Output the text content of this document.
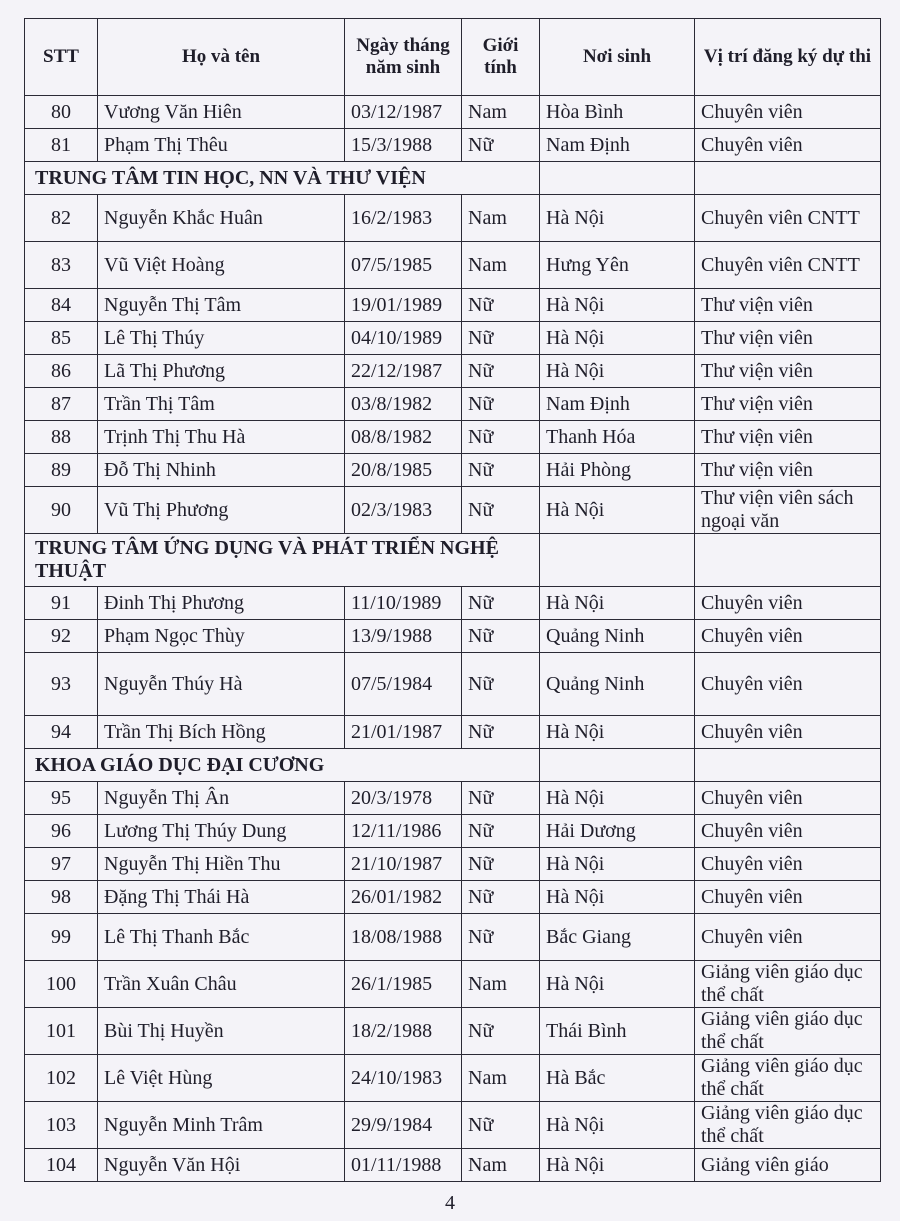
STT	Họ và tên	Ngày tháng năm sinh	Giới tính	Nơi sinh	Vị trí đăng ký dự thi
80	Vương Văn Hiên	03/12/1987	Nam	Hòa Bình	Chuyên viên
81	Phạm Thị Thêu	15/3/1988	Nữ	Nam Định	Chuyên viên
TRUNG TÂM TIN HỌC, NN VÀ THƯ VIỆN					
82	Nguyễn Khắc Huân	16/2/1983	Nam	Hà Nội	Chuyên viên CNTT
83	Vũ Việt Hoàng	07/5/1985	Nam	Hưng Yên	Chuyên viên CNTT
84	Nguyễn Thị Tâm	19/01/1989	Nữ	Hà Nội	Thư viện viên
85	Lê Thị Thúy	04/10/1989	Nữ	Hà Nội	Thư viện viên
86	Lã Thị Phương	22/12/1987	Nữ	Hà Nội	Thư viện viên
87	Trần Thị Tâm	03/8/1982	Nữ	Nam Định	Thư viện viên
88	Trịnh Thị Thu Hà	08/8/1982	Nữ	Thanh Hóa	Thư viện viên
89	Đỗ Thị Nhinh	20/8/1985	Nữ	Hải Phòng	Thư viện viên
90	Vũ Thị Phương	02/3/1983	Nữ	Hà Nội	Thư viện viên sách ngoại văn
TRUNG TÂM ỨNG DỤNG VÀ PHÁT TRIỂN NGHỆ THUẬT					
91	Đinh Thị Phương	11/10/1989	Nữ	Hà Nội	Chuyên viên
92	Phạm Ngọc Thùy	13/9/1988	Nữ	Quảng Ninh	Chuyên viên
93	Nguyễn Thúy Hà	07/5/1984	Nữ	Quảng Ninh	Chuyên viên
94	Trần Thị Bích Hồng	21/01/1987	Nữ	Hà Nội	Chuyên viên
KHOA GIÁO DỤC ĐẠI CƯƠNG					
95	Nguyễn Thị Ân	20/3/1978	Nữ	Hà Nội	Chuyên viên
96	Lương Thị Thúy Dung	12/11/1986	Nữ	Hải Dương	Chuyên viên
97	Nguyễn Thị Hiền Thu	21/10/1987	Nữ	Hà Nội	Chuyên viên
98	Đặng Thị Thái Hà	26/01/1982	Nữ	Hà Nội	Chuyên viên
99	Lê Thị Thanh Bắc	18/08/1988	Nữ	Bắc Giang	Chuyên viên
100	Trần Xuân Châu	26/1/1985	Nam	Hà Nội	Giảng viên giáo dục thể chất
101	Bùi Thị Huyền	18/2/1988	Nữ	Thái Bình	Giảng viên giáo dục thể chất
102	Lê Việt Hùng	24/10/1983	Nam	Hà Bắc	Giảng viên giáo dục thể chất
103	Nguyễn Minh Trâm	29/9/1984	Nữ	Hà Nội	Giảng viên giáo dục thể chất
104	Nguyễn Văn Hội	01/11/1988	Nam	Hà Nội	Giảng viên giáo
4
